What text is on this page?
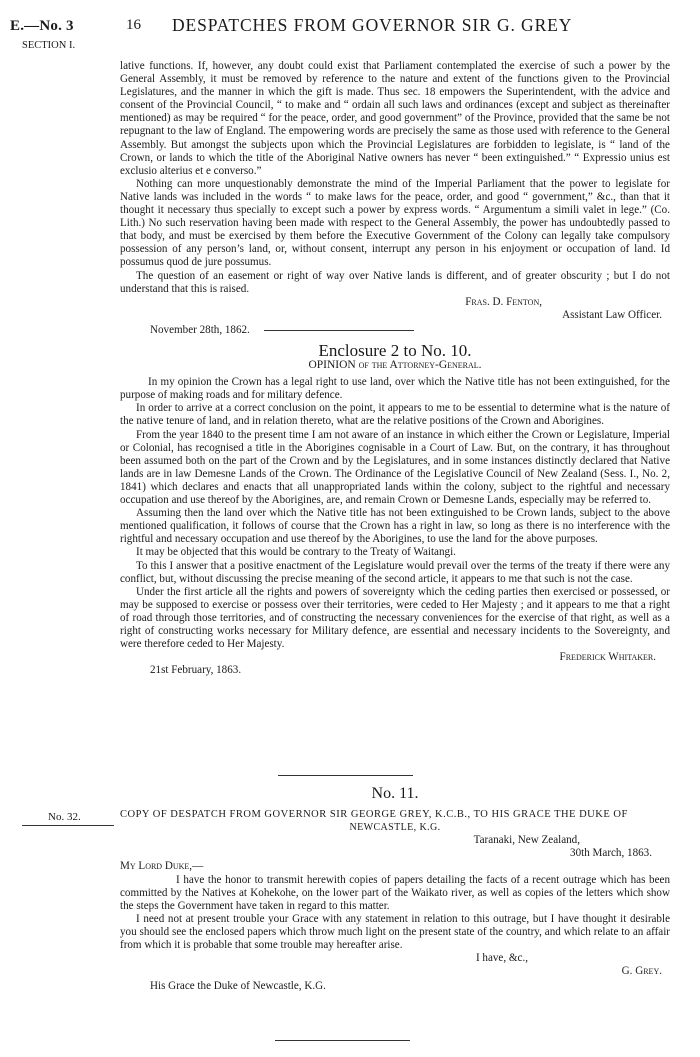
E.—No. 3
SECTION I.
16 DESPATCHES FROM GOVERNOR SIR G. GREY
No. 32.

lative functions. If, however, any doubt could exist that Parliament contemplated the exercise of such a power by the General Assembly, it must be removed by reference to the nature and extent of the functions given to the Provincial Legislatures, and the manner in which the gift is made. Thus sec. 18 empowers the Superintendent, with the advice and consent of the Provincial Council, “ to make and “ ordain all such laws and ordinances (except and subject as thereinafter mentioned) as may be required “ for the peace, order, and good government” of the Province, provided that the same be not repugnant to the law of England. The empowering words are precisely the same as those used with reference to the General Assembly. But amongst the subjects upon which the Provincial Legislatures are forbidden to legislate, is “ land of the Crown, or lands to which the title of the Aboriginal Native owners has never “ been extinguished.” “ Expressio unius est exclusio alterius et e converso.”

Nothing can more unquestionably demonstrate the mind of the Imperial Parliament that the power to legislate for Native lands was included in the words “ to make laws for the peace, order, and good “ government,” &c., than that it thought it necessary thus specially to except such a power by express words. “ Argumentum a simili valet in lege.” (Co. Lith.) No such reservation having been made with respect to the General Assembly, the power has undoubtedly passed to that body, and must be exercised by them before the Executive Government of the Colony can legally take compulsory possession of any person’s land, or, without consent, interrupt any person in his enjoyment or occupation of land. Id possumus quod de jure possumus.

The question of an easement or right of way over Native lands is different, and of greater obscurity ; but I do not understand that this is raised.

Fras. D. Fenton,
Assistant Law Officer.
November 28th, 1862.
Enclosure 2 to No. 10.
OPINION of the Attorney-General.

In my opinion the Crown has a legal right to use land, over which the Native title has not been extinguished, for the purpose of making roads and for military defence.

In order to arrive at a correct conclusion on the point, it appears to me to be essential to determine what is the nature of the native tenure of land, and in relation thereto, what are the relative positions of the Crown and Aborigines.

From the year 1840 to the present time I am not aware of an instance in which either the Crown or Legislature, Imperial or Colonial, has recognised a title in the Aborigines cognisable in a Court of Law. But, on the contrary, it has throughout been assumed both on the part of the Crown and by the Legislatures, and in some instances distinctly declared that Native lands are in law Demesne Lands of the Crown. The Ordinance of the Legislative Council of New Zealand (Sess. I., No. 2, 1841) which declares and enacts that all unappropriated lands within the colony, subject to the rightful and necessary occupation and use thereof by the Aborigines, are, and remain Crown or Demesne Lands, especially may be referred to.

Assuming then the land over which the Native title has not been extinguished to be Crown lands, subject to the above mentioned qualification, it follows of course that the Crown has a right in law, so long as there is no interference with the rightful and necessary occupation and use thereof by the Aborigines, to use the land for the above purposes.

It may be objected that this would be contrary to the Treaty of Waitangi.

To this I answer that a positive enactment of the Legislature would prevail over the terms of the treaty if there were any conflict, but, without discussing the precise meaning of the second article, it appears to me that such is not the case.

Under the first article all the rights and powers of sovereignty which the ceding parties then exercised or possessed, or may be supposed to exercise or possess over their territories, were ceded to Her Majesty ; and it appears to me that a right of road through those territories, and of constructing the necessary conveniences for the exercise of that right, as well as a right of constructing works necessary for Military defence, are essential and necessary incidents to the Sovereignty, and were therefore ceded to Her Majesty.

Frederick Whitaker.
21st February, 1863.
No. 11.
COPY OF DESPATCH FROM GOVERNOR SIR GEORGE GREY, K.C.B., TO HIS GRACE THE DUKE OF
NEWCASTLE, K.G.
Taranaki, New Zealand,
30th March, 1863.
My Lord Duke,—

I have the honor to transmit herewith copies of papers detailing the facts of a recent outrage which has been committed by the Natives at Kohekohe, on the lower part of the Waikato river, as well as copies of the letters which show the steps the Government have taken in regard to this matter.

I need not at present trouble your Grace with any statement in relation to this outrage, but I have thought it desirable you should see the enclosed papers which throw much light on the present state of the country, and which relate to an affair from which it is probable that some trouble may hereafter arise.

I have, &c.,
G. Grey.
His Grace the Duke of Newcastle, K.G.
